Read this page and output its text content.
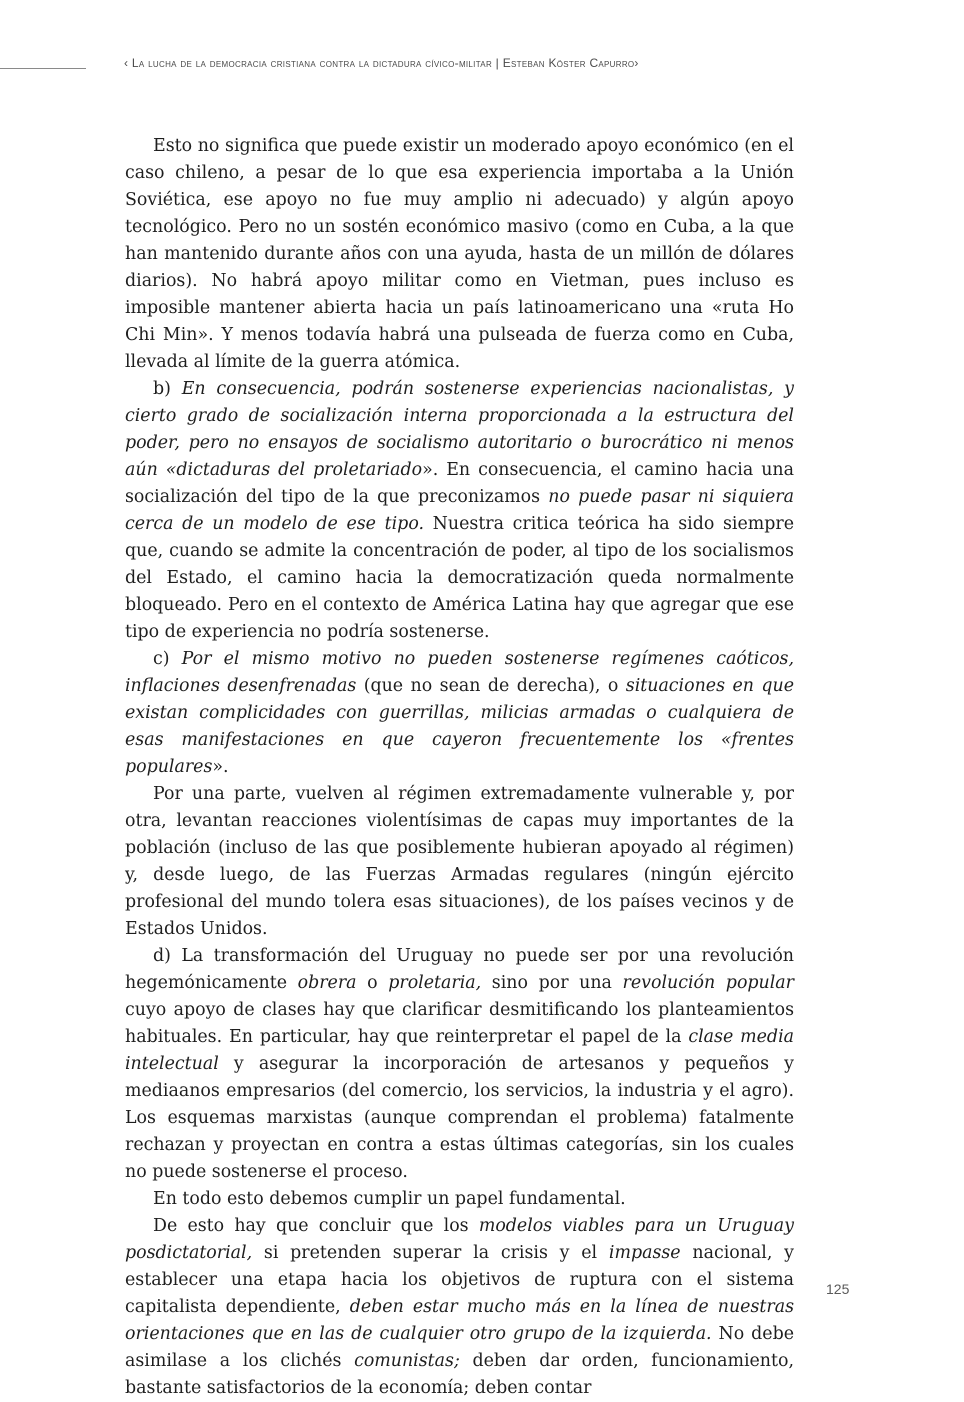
‹ La lucha de la democracia cristiana contra la dictadura cívico-militar | Esteban Köster Capurro›

Esto no significa que puede existir un moderado apoyo económico (en el caso chileno, a pesar de lo que esa experiencia importaba a la Unión Soviética, ese apoyo no fue muy amplio ni adecuado) y algún apoyo tecnológico. Pero no un sostén económico masivo (como en Cuba, a la que han mantenido durante años con una ayuda, hasta de un millón de dólares diarios). No habrá apoyo militar como en Vietman, pues incluso es imposible mantener abierta hacia un país latinoamericano una «ruta Ho Chi Min». Y menos todavía habrá una pulseada de fuerza como en Cuba, llevada al límite de la guerra atómica.

b) En consecuencia, podrán sostenerse experiencias nacionalistas, y cierto grado de socialización interna proporcionada a la estructura del poder, pero no ensayos de socialismo autoritario o burocrático ni menos aún «dictaduras del proletariado». En consecuencia, el camino hacia una socialización del tipo de la que preconizamos no puede pasar ni siquiera cerca de un modelo de ese tipo. Nuestra critica teórica ha sido siempre que, cuando se admite la concentración de poder, al tipo de los socialismos del Estado, el camino hacia la democratización queda normalmente bloqueado. Pero en el contexto de América Latina hay que agregar que ese tipo de experiencia no podría sostenerse.

c) Por el mismo motivo no pueden sostenerse regímenes caóticos, inflaciones desenfrenadas (que no sean de derecha), o situaciones en que existan complicidades con guerrillas, milicias armadas o cualquiera de esas manifestaciones en que cayeron frecuentemente los «frentes populares».

Por una parte, vuelven al régimen extremadamente vulnerable y, por otra, levantan reacciones violentísimas de capas muy importantes de la población (incluso de las que posiblemente hubieran apoyado al régimen) y, desde luego, de las Fuerzas Armadas regulares (ningún ejército profesional del mundo tolera esas situaciones), de los países vecinos y de Estados Unidos.

d) La transformación del Uruguay no puede ser por una revolución hegemónicamente obrera o proletaria, sino por una revolución popular cuyo apoyo de clases hay que clarificar desmitificando los planteamientos habituales. En particular, hay que reinterpretar el papel de la clase media intelectual y asegurar la incorporación de artesanos y pequeños y mediaanos empresarios (del comercio, los servicios, la industria y el agro). Los esquemas marxistas (aunque comprendan el problema) fatalmente rechazan y proyectan en contra a estas últimas categorías, sin los cuales no puede sostenerse el proceso.

En todo esto debemos cumplir un papel fundamental.

De esto hay que concluir que los modelos viables para un Uruguay posdictatorial, si pretenden superar la crisis y el impasse nacional, y establecer una etapa hacia los objetivos de ruptura con el sistema capitalista dependiente, deben estar mucho más en la línea de nuestras orientaciones que en las de cualquier otro grupo de la izquierda. No debe asimilase a los clichés comunistas; deben dar orden, funcionamiento, bastante satisfactorios de la economía; deben contar

125
